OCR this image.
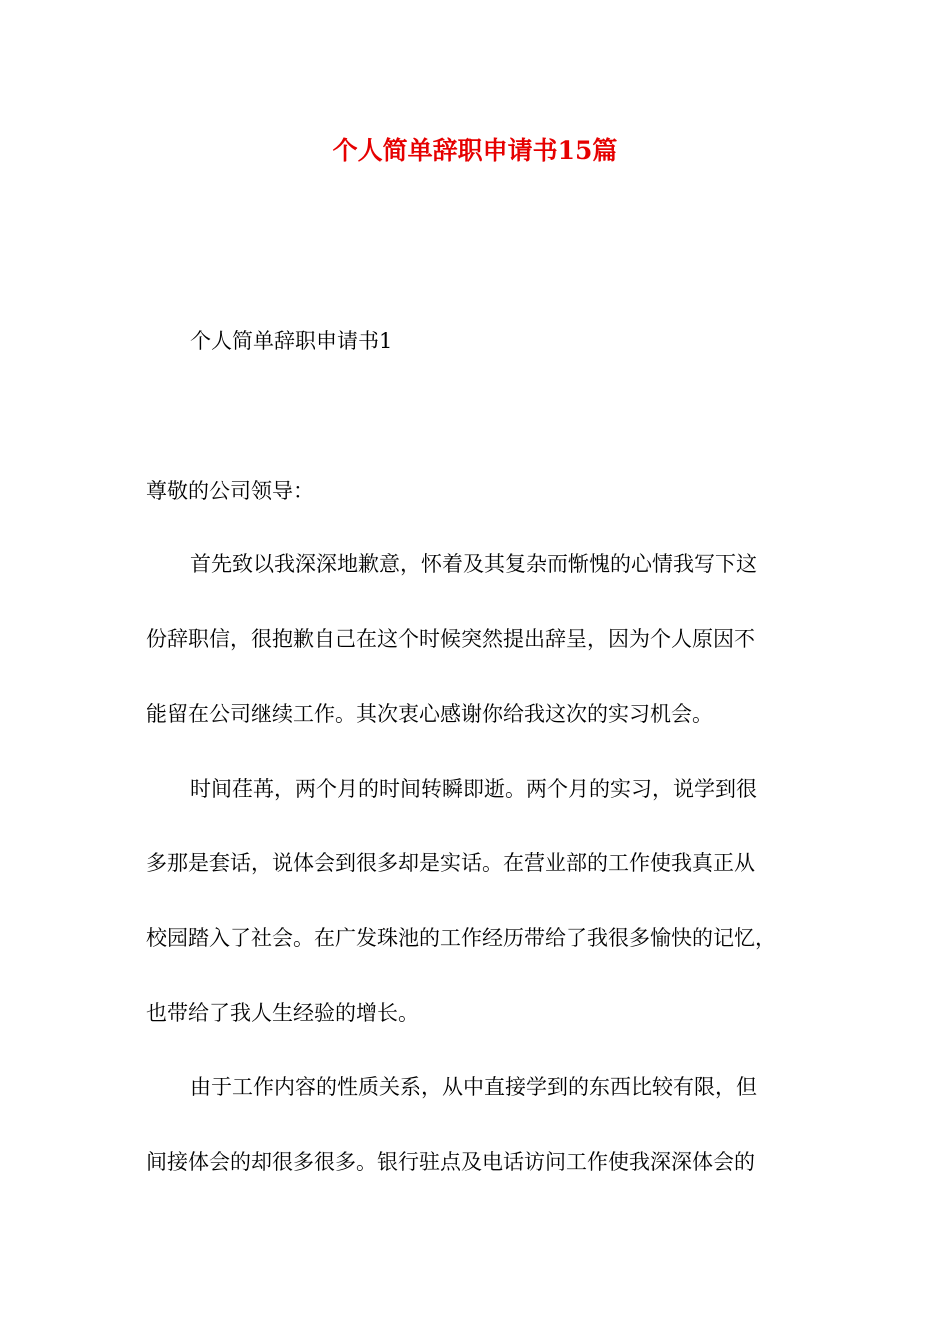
个人简单辞职申请书15篇
个人简单辞职申请书1
尊敬的公司领导：
首先致以我深深地歉意，怀着及其复杂而惭愧的心情我写下这
份辞职信，很抱歉自己在这个时候突然提出辞呈，因为个人原因不
能留在公司继续工作。其次衷心感谢你给我这次的实习机会。
时间荏苒，两个月的时间转瞬即逝。两个月的实习，说学到很
多那是套话，说体会到很多却是实话。在营业部的工作使我真正从
校园踏入了社会。在广发珠池的工作经历带给了我很多愉快的记忆，
也带给了我人生经验的增长。
由于工作内容的性质关系，从中直接学到的东西比较有限，但
间接体会的却很多很多。银行驻点及电话访问工作使我深深体会的
